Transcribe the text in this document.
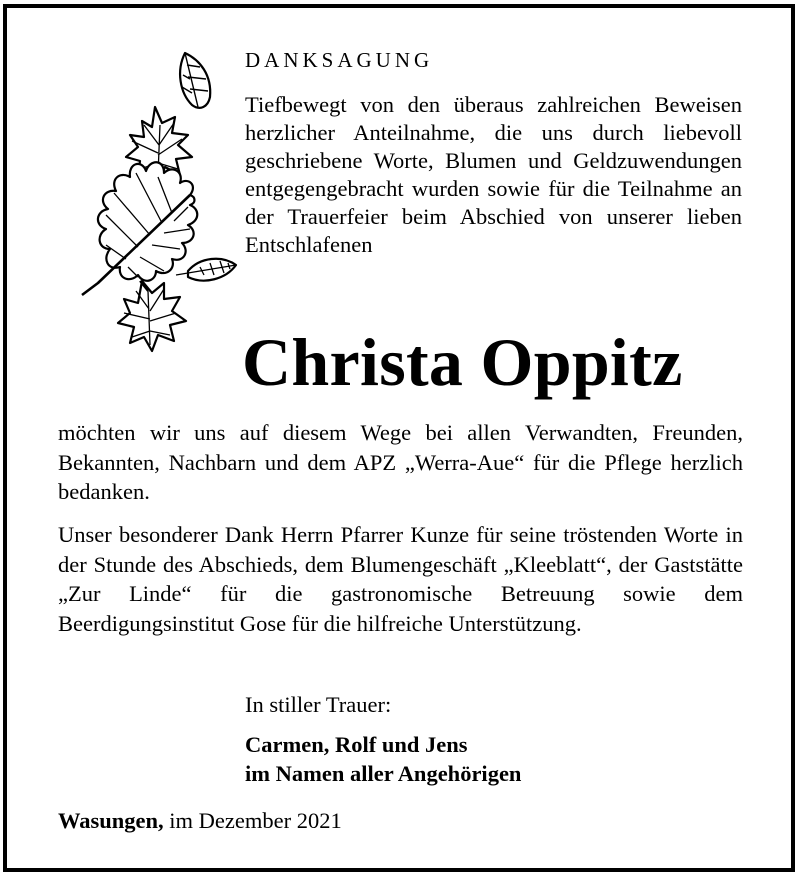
DANKSAGUNG
Tiefbewegt von den überaus zahlreichen Beweisen herzlicher Anteilnahme, die uns durch liebevoll geschriebene Worte, Blumen und Geldzuwendungen entgegengebracht wurden sowie für die Teilnahme an der Trauerfeier beim Abschied von unserer lieben Entschlafenen
Christa Oppitz
möchten wir uns auf diesem Wege bei allen Verwandten, Freunden, Bekannten, Nachbarn und dem APZ „Werra-Aue“ für die Pflege herzlich bedanken.
Unser besonderer Dank Herrn Pfarrer Kunze für seine tröstenden Worte in der Stunde des Abschieds, dem Blumengeschäft „Kleeblatt“, der Gaststätte „Zur Linde“ für die gastronomische Betreuung sowie dem Beerdigungsinstitut Gose für die hilfreiche Unterstützung.
In stiller Trauer:
Carmen, Rolf und Jens
im Namen aller Angehörigen
Wasungen, im Dezember 2021
